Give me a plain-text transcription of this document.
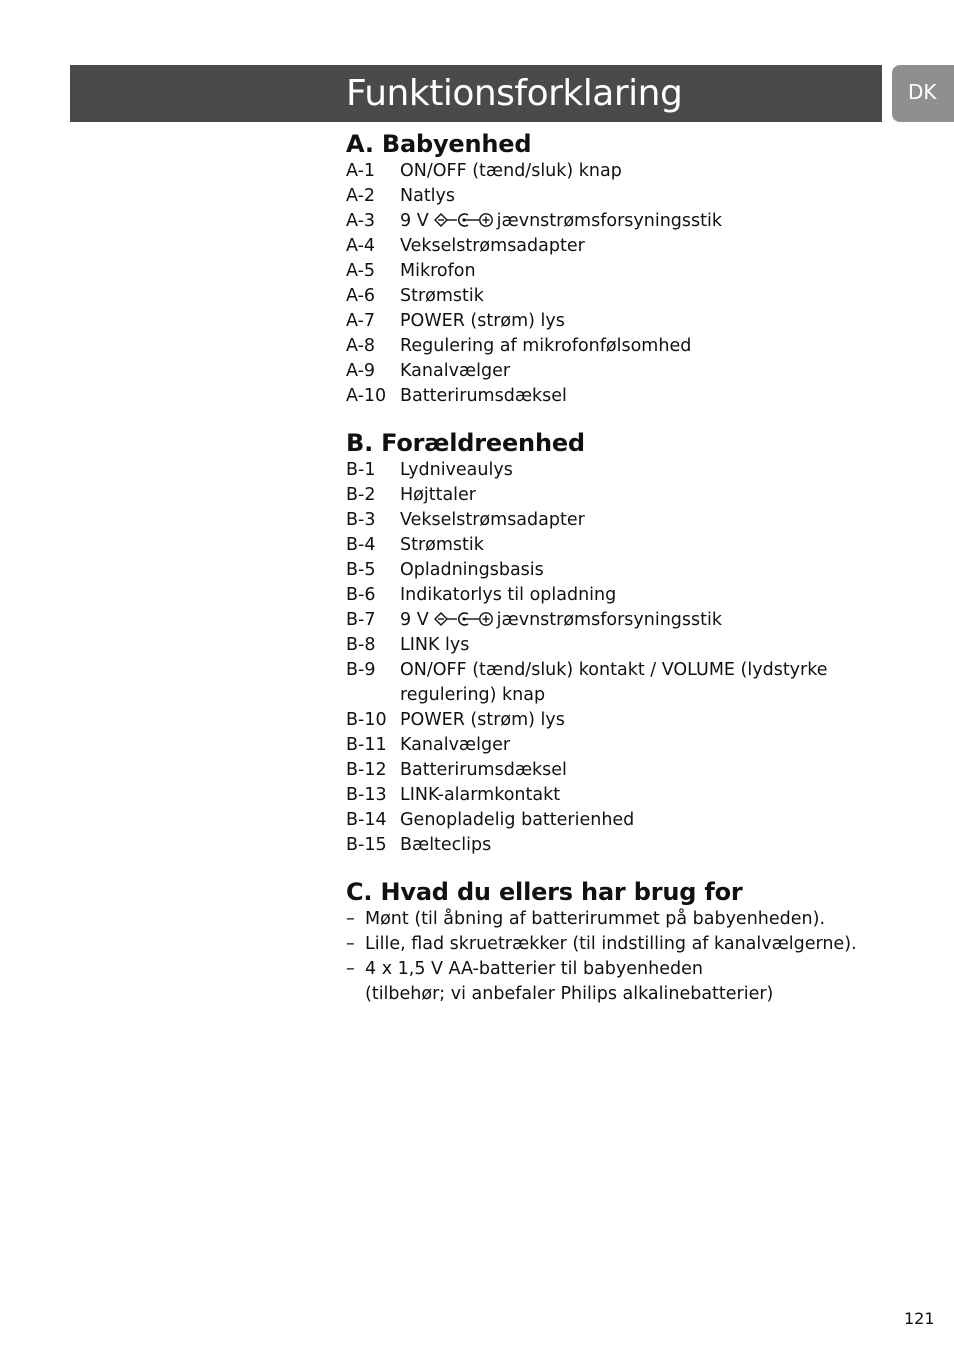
Funktionsforklaring	DK
A. Babyenhed
A-1	ON/OFF (tænd/sluk) knap
A-2	Natlys
A-3	9 V	jævnstrømsforsyningsstik
A-4	Vekselstrømsadapter
A-5	Mikrofon
A-6	Strømstik
A-7	POWER (strøm) lys
A-8	Regulering af mikrofonfølsomhed
A-9	Kanalvælger
A-10 Batterirumsdæksel
B. Forældreenhed
B-1	Lydniveaulys
B-2	Højttaler
B-3	Vekselstrømsadapter
B-4	Strømstik
B-5	Opladningsbasis
B-6	Indikatorlys til opladning
B-7	9 V	jævnstrømsforsyningsstik
B-8	LINK lys
B-9	ON/OFF (tænd/sluk) kontakt / VOLUME (lydstyrke
regulering) knap
B-10 POWER (strøm) lys
B-11 Kanalvælger
B-12 Batterirumsdæksel
B-13 LINK-alarmkontakt
B-14 Genopladelig batterienhed
B-15 Bælteclips
C. Hvad du ellers har brug for
– Mønt (til åbning af batterirummet på babyenheden).
– Lille, flad skruetrækker (til indstilling af kanalvælgerne).
– 4 x 1,5 V AA-batterier til babyenheden
(tilbehør; vi anbefaler Philips alkalinebatterier)
121
